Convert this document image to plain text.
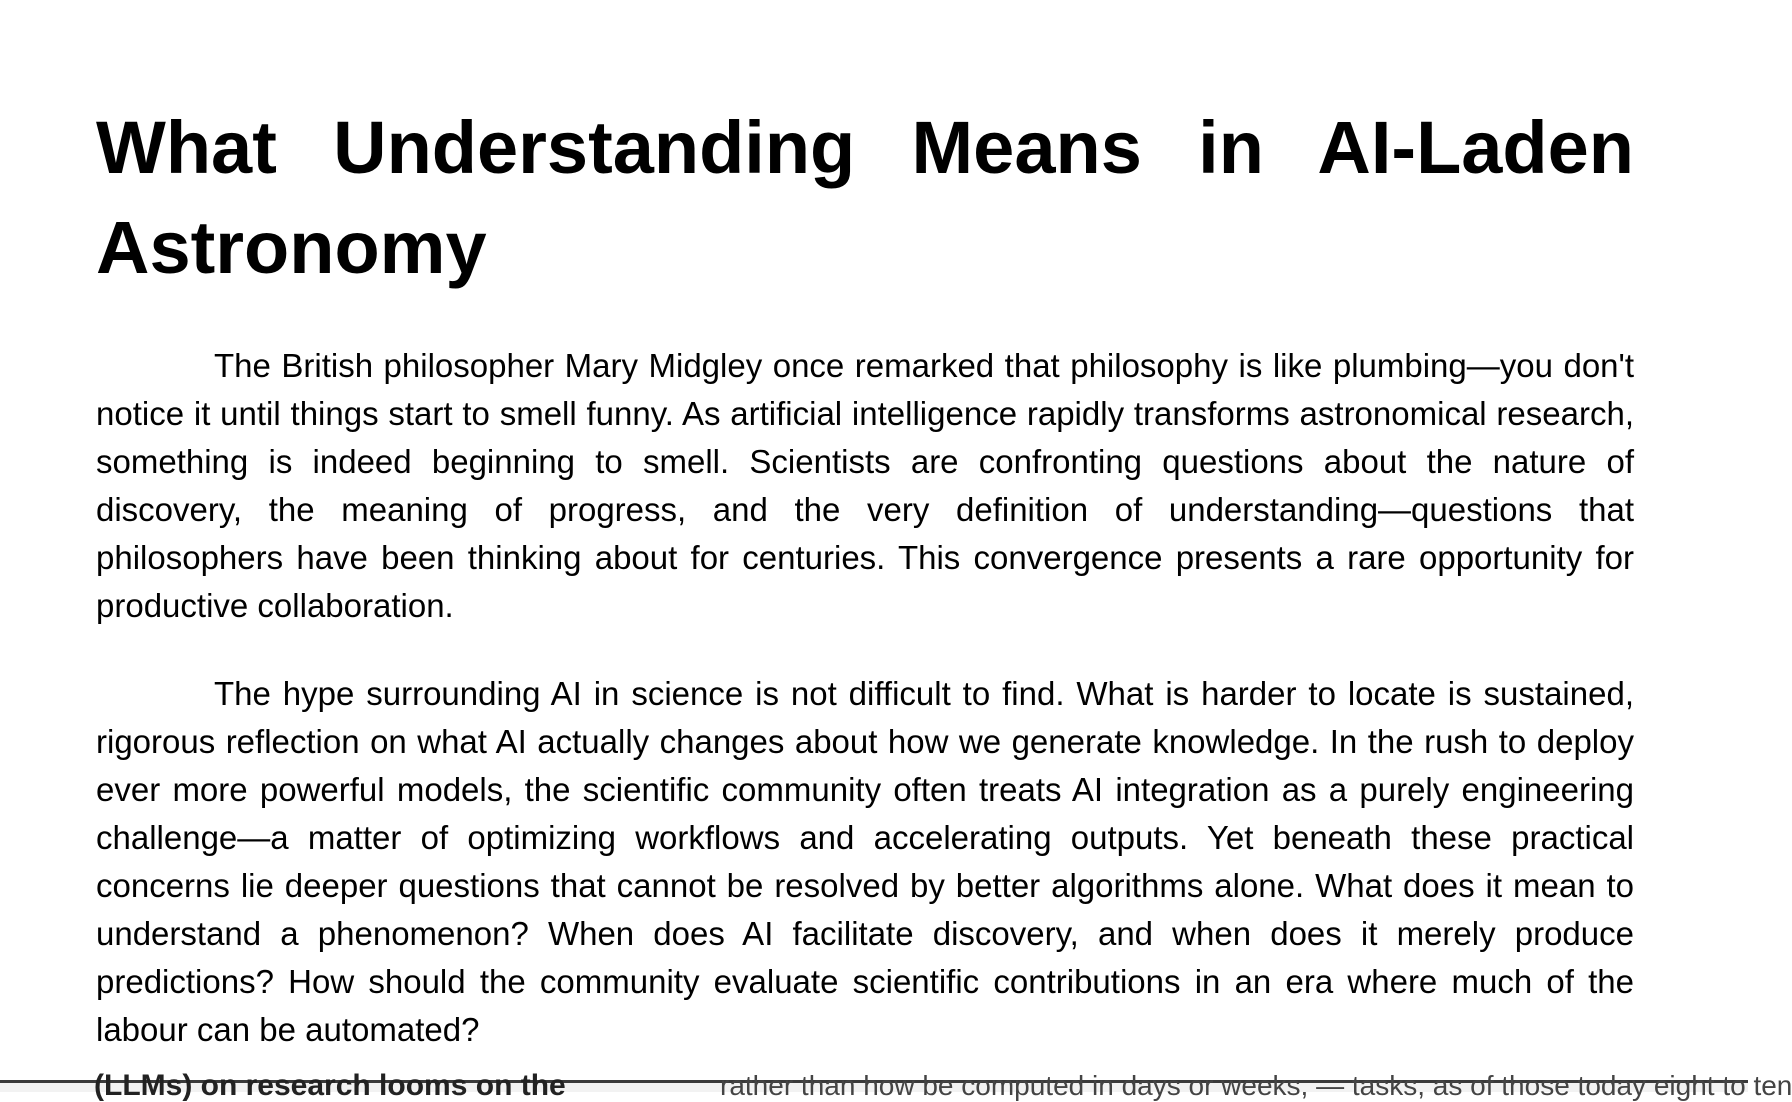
What Understanding Means in AI-Laden Astronomy

The British philosopher Mary Midgley once remarked that philosophy is like plumbing—you don't notice it until things start to smell funny. As artificial intelligence rapidly transforms astronomical research, something is indeed beginning to smell. Scientists are confronting questions about the nature of discovery, the meaning of progress, and the very definition of understanding—questions that philosophers have been thinking about for centuries. This convergence presents a rare opportunity for productive collaboration.

The hype surrounding AI in science is not difficult to find. What is harder to locate is sustained, rigorous reflection on what AI actually changes about how we generate knowledge. In the rush to deploy ever more powerful models, the scientific community often treats AI integration as a purely engineering challenge—a matter of optimizing workflows and accelerating outputs. Yet beneath these practical concerns lie deeper questions that cannot be resolved by better algorithms alone. What does it mean to understand a phenomenon? When does AI facilitate discovery, and when does it merely produce predictions? How should the community evaluate scientific contributions in an era where much of the labour can be automated?

(LLMs) on research looms on the	rather than how be computed in days or weeks, — tasks, as of those today eight to ten
